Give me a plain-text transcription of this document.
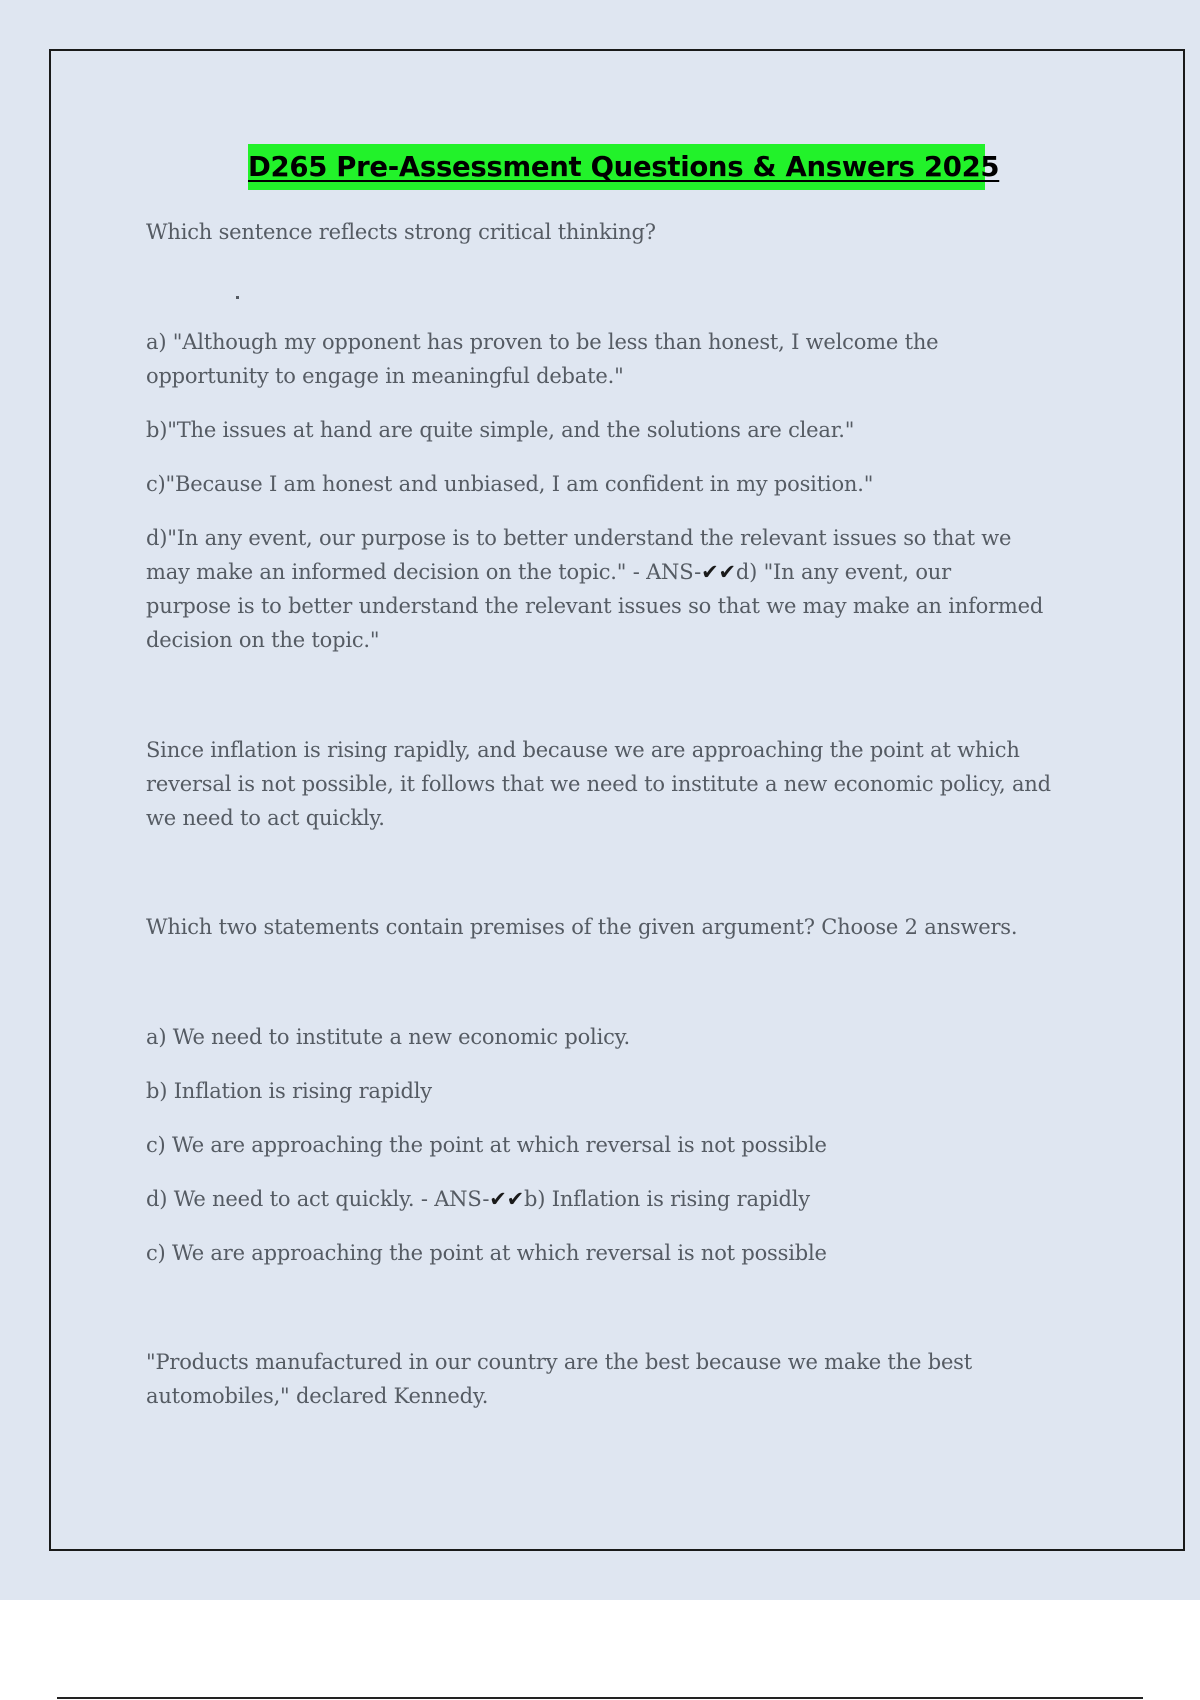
D265 Pre-Assessment Questions & Answers 2025

Which sentence reflects strong critical thinking?

a) "Although my opponent has proven to be less than honest, I welcome the

opportunity to engage in meaningful debate."

b)"The issues at hand are quite simple, and the solutions are clear."

c)"Because I am honest and unbiased, I am confident in my position."

d)"In any event, our purpose is to better understand the relevant issues so that we

may make an informed decision on the topic." - ANS-✔✔d) "In any event, our

purpose is to better understand the relevant issues so that we may make an informed

decision on the topic."

Since inflation is rising rapidly, and because we are approaching the point at which

reversal is not possible, it follows that we need to institute a new economic policy, and

we need to act quickly.

Which two statements contain premises of the given argument? Choose 2 answers.

a) We need to institute a new economic policy.

b) Inflation is rising rapidly

c) We are approaching the point at which reversal is not possible

d) We need to act quickly. - ANS-✔✔b) Inflation is rising rapidly

c) We are approaching the point at which reversal is not possible

"Products manufactured in our country are the best because we make the best

automobiles," declared Kennedy.
